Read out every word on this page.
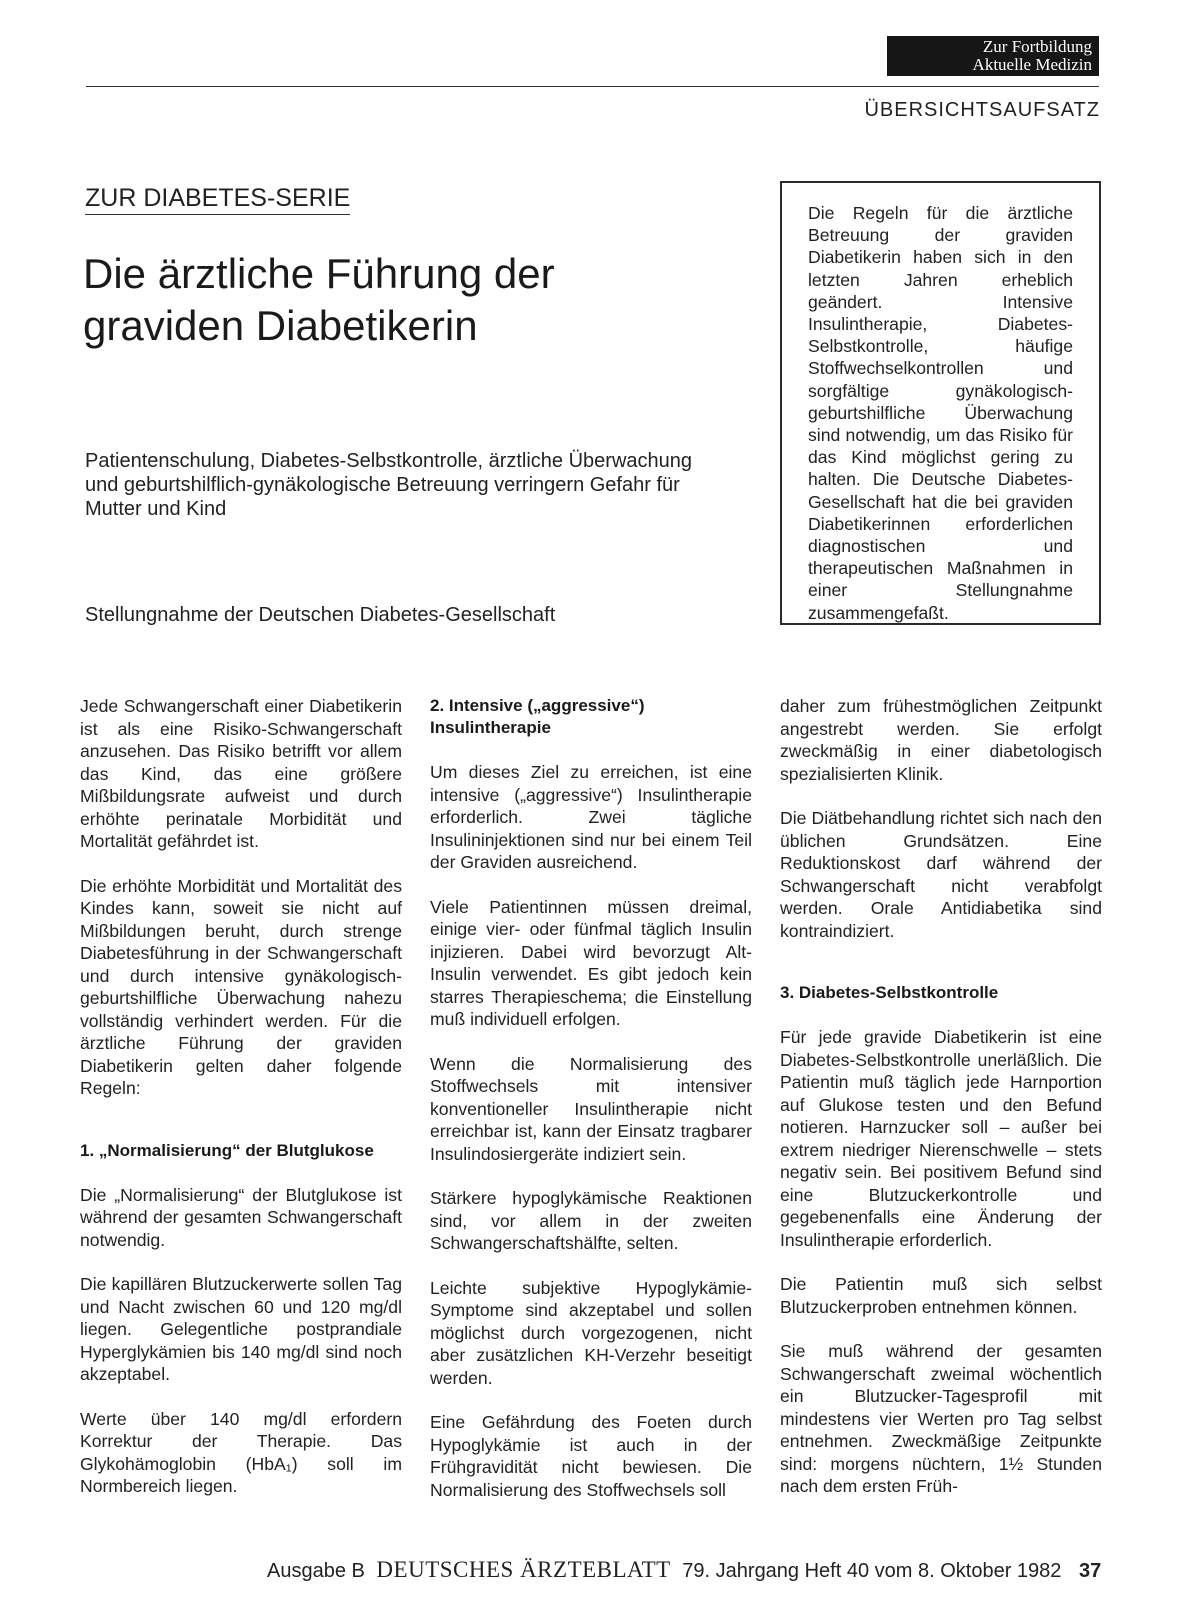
Zur Fortbildung
Aktuelle Medizin
ÜBERSICHTSAUFSATZ
ZUR DIABETES-SERIE
Die ärztliche Führung der graviden Diabetikerin
Patientenschulung, Diabetes-Selbstkontrolle, ärztliche Überwachung und geburtshilflich-gynäkologische Betreuung verringern Gefahr für Mutter und Kind
Stellungnahme der Deutschen Diabetes-Gesellschaft
Die Regeln für die ärztliche Betreuung der graviden Diabetikerin haben sich in den letzten Jahren erheblich geändert. Intensive Insulintherapie, Diabetes-Selbstkontrolle, häufige Stoffwechselkontrollen und sorgfältige gynäkologisch-geburtshilfliche Überwachung sind notwendig, um das Risiko für das Kind möglichst gering zu halten. Die Deutsche Diabetes-Gesellschaft hat die bei graviden Diabetikerinnen erforderlichen diagnostischen und therapeutischen Maßnahmen in einer Stellungnahme zusammengefaßt.

Jede Schwangerschaft einer Diabetikerin ist als eine Risiko-Schwangerschaft anzusehen. Das Risiko betrifft vor allem das Kind, das eine größere Mißbildungsrate aufweist und durch erhöhte perinatale Morbidität und Mortalität gefährdet ist.

Die erhöhte Morbidität und Mortalität des Kindes kann, soweit sie nicht auf Mißbildungen beruht, durch strenge Diabetesführung in der Schwangerschaft und durch intensive gynäkologisch-geburtshilfliche Überwachung nahezu vollständig verhindert werden. Für die ärztliche Führung der graviden Diabetikerin gelten daher folgende Regeln:

1. „Normalisierung“ der Blutglukose

Die „Normalisierung“ der Blutglukose ist während der gesamten Schwangerschaft notwendig.

Die kapillären Blutzuckerwerte sollen Tag und Nacht zwischen 60 und 120 mg/dl liegen. Gelegentliche postprandiale Hyperglykämien bis 140 mg/dl sind noch akzeptabel.

Werte über 140 mg/dl erfordern Korrektur der Therapie. Das Glykohämoglobin (HbA₁) soll im Normbereich liegen.

2. Intensive („aggressive“) Insulintherapie

Um dieses Ziel zu erreichen, ist eine intensive („aggressive“) Insulintherapie erforderlich. Zwei tägliche Insulininjektionen sind nur bei einem Teil der Graviden ausreichend.

Viele Patientinnen müssen dreimal, einige vier- oder fünfmal täglich Insulin injizieren. Dabei wird bevorzugt Alt-Insulin verwendet. Es gibt jedoch kein starres Therapieschema; die Einstellung muß individuell erfolgen.

Wenn die Normalisierung des Stoffwechsels mit intensiver konventioneller Insulintherapie nicht erreichbar ist, kann der Einsatz tragbarer Insulindosiergeräte indiziert sein.

Stärkere hypoglykämische Reaktionen sind, vor allem in der zweiten Schwangerschaftshälfte, selten.

Leichte subjektive Hypoglykämie-Symptome sind akzeptabel und sollen möglichst durch vorgezogenen, nicht aber zusätzlichen KH-Verzehr beseitigt werden.

Eine Gefährdung des Foeten durch Hypoglykämie ist auch in der Frühgravidität nicht bewiesen. Die Normalisierung des Stoffwechsels soll

daher zum frühestmöglichen Zeitpunkt angestrebt werden. Sie erfolgt zweckmäßig in einer diabetologisch spezialisierten Klinik.

Die Diätbehandlung richtet sich nach den üblichen Grundsätzen. Eine Reduktionskost darf während der Schwangerschaft nicht verabfolgt werden. Orale Antidiabetika sind kontraindiziert.

3. Diabetes-Selbstkontrolle

Für jede gravide Diabetikerin ist eine Diabetes-Selbstkontrolle unerläßlich. Die Patientin muß täglich jede Harnportion auf Glukose testen und den Befund notieren. Harnzucker soll – außer bei extrem niedriger Nierenschwelle – stets negativ sein. Bei positivem Befund sind eine Blutzuckerkontrolle und gegebenenfalls eine Änderung der Insulintherapie erforderlich.

Die Patientin muß sich selbst Blutzuckerproben entnehmen können.

Sie muß während der gesamten Schwangerschaft zweimal wöchentlich ein Blutzucker-Tagesprofil mit mindestens vier Werten pro Tag selbst entnehmen. Zweckmäßige Zeitpunkte sind: morgens nüchtern, 1½ Stunden nach dem ersten Früh-

Ausgabe B DEUTSCHES ÄRZTEBLATT 79. Jahrgang Heft 40 vom 8. Oktober 1982 37
